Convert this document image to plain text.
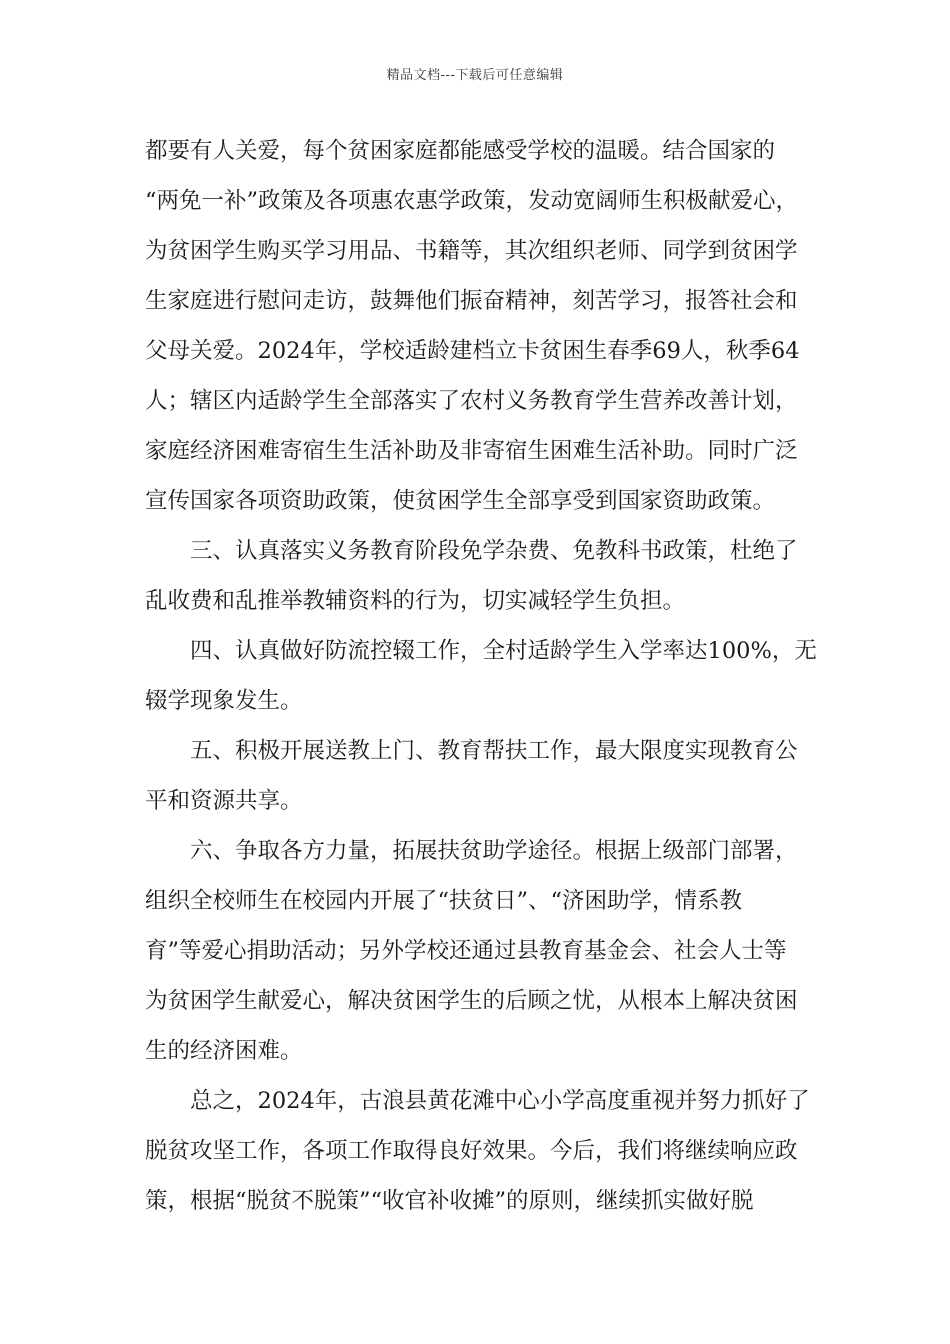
精品文档---下载后可任意编辑

都要有人关爱，每个贫困家庭都能感受学校的温暖。结合国家的
“两免一补”政策及各项惠农惠学政策，发动宽阔师生积极献爱心，
为贫困学生购买学习用品、书籍等，其次组织老师、同学到贫困学
生家庭进行慰问走访，鼓舞他们振奋精神，刻苦学习，报答社会和
父母关爱。2024年，学校适龄建档立卡贫困生春季69人，秋季64
人；辖区内适龄学生全部落实了农村义务教育学生营养改善计划，
家庭经济困难寄宿生生活补助及非寄宿生困难生活补助。同时广泛
宣传国家各项资助政策，使贫困学生全部享受到国家资助政策。

三、认真落实义务教育阶段免学杂费、免教科书政策，杜绝了
乱收费和乱推举教辅资料的行为，切实减轻学生负担。

四、认真做好防流控辍工作，全村适龄学生入学率达100%，无
辍学现象发生。

五、积极开展送教上门、教育帮扶工作，最大限度实现教育公
平和资源共享。

六、争取各方力量，拓展扶贫助学途径。根据上级部门部署，
组织全校师生在校园内开展了“扶贫日”、“济困助学，情系教
育”等爱心捐助活动；另外学校还通过县教育基金会、社会人士等
为贫困学生献爱心，解决贫困学生的后顾之忧，从根本上解决贫困
生的经济困难。

总之，2024年，古浪县黄花滩中心小学高度重视并努力抓好了
脱贫攻坚工作，各项工作取得良好效果。今后，我们将继续响应政
策，根据“脱贫不脱策”“收官补收摊”的原则，继续抓实做好脱
